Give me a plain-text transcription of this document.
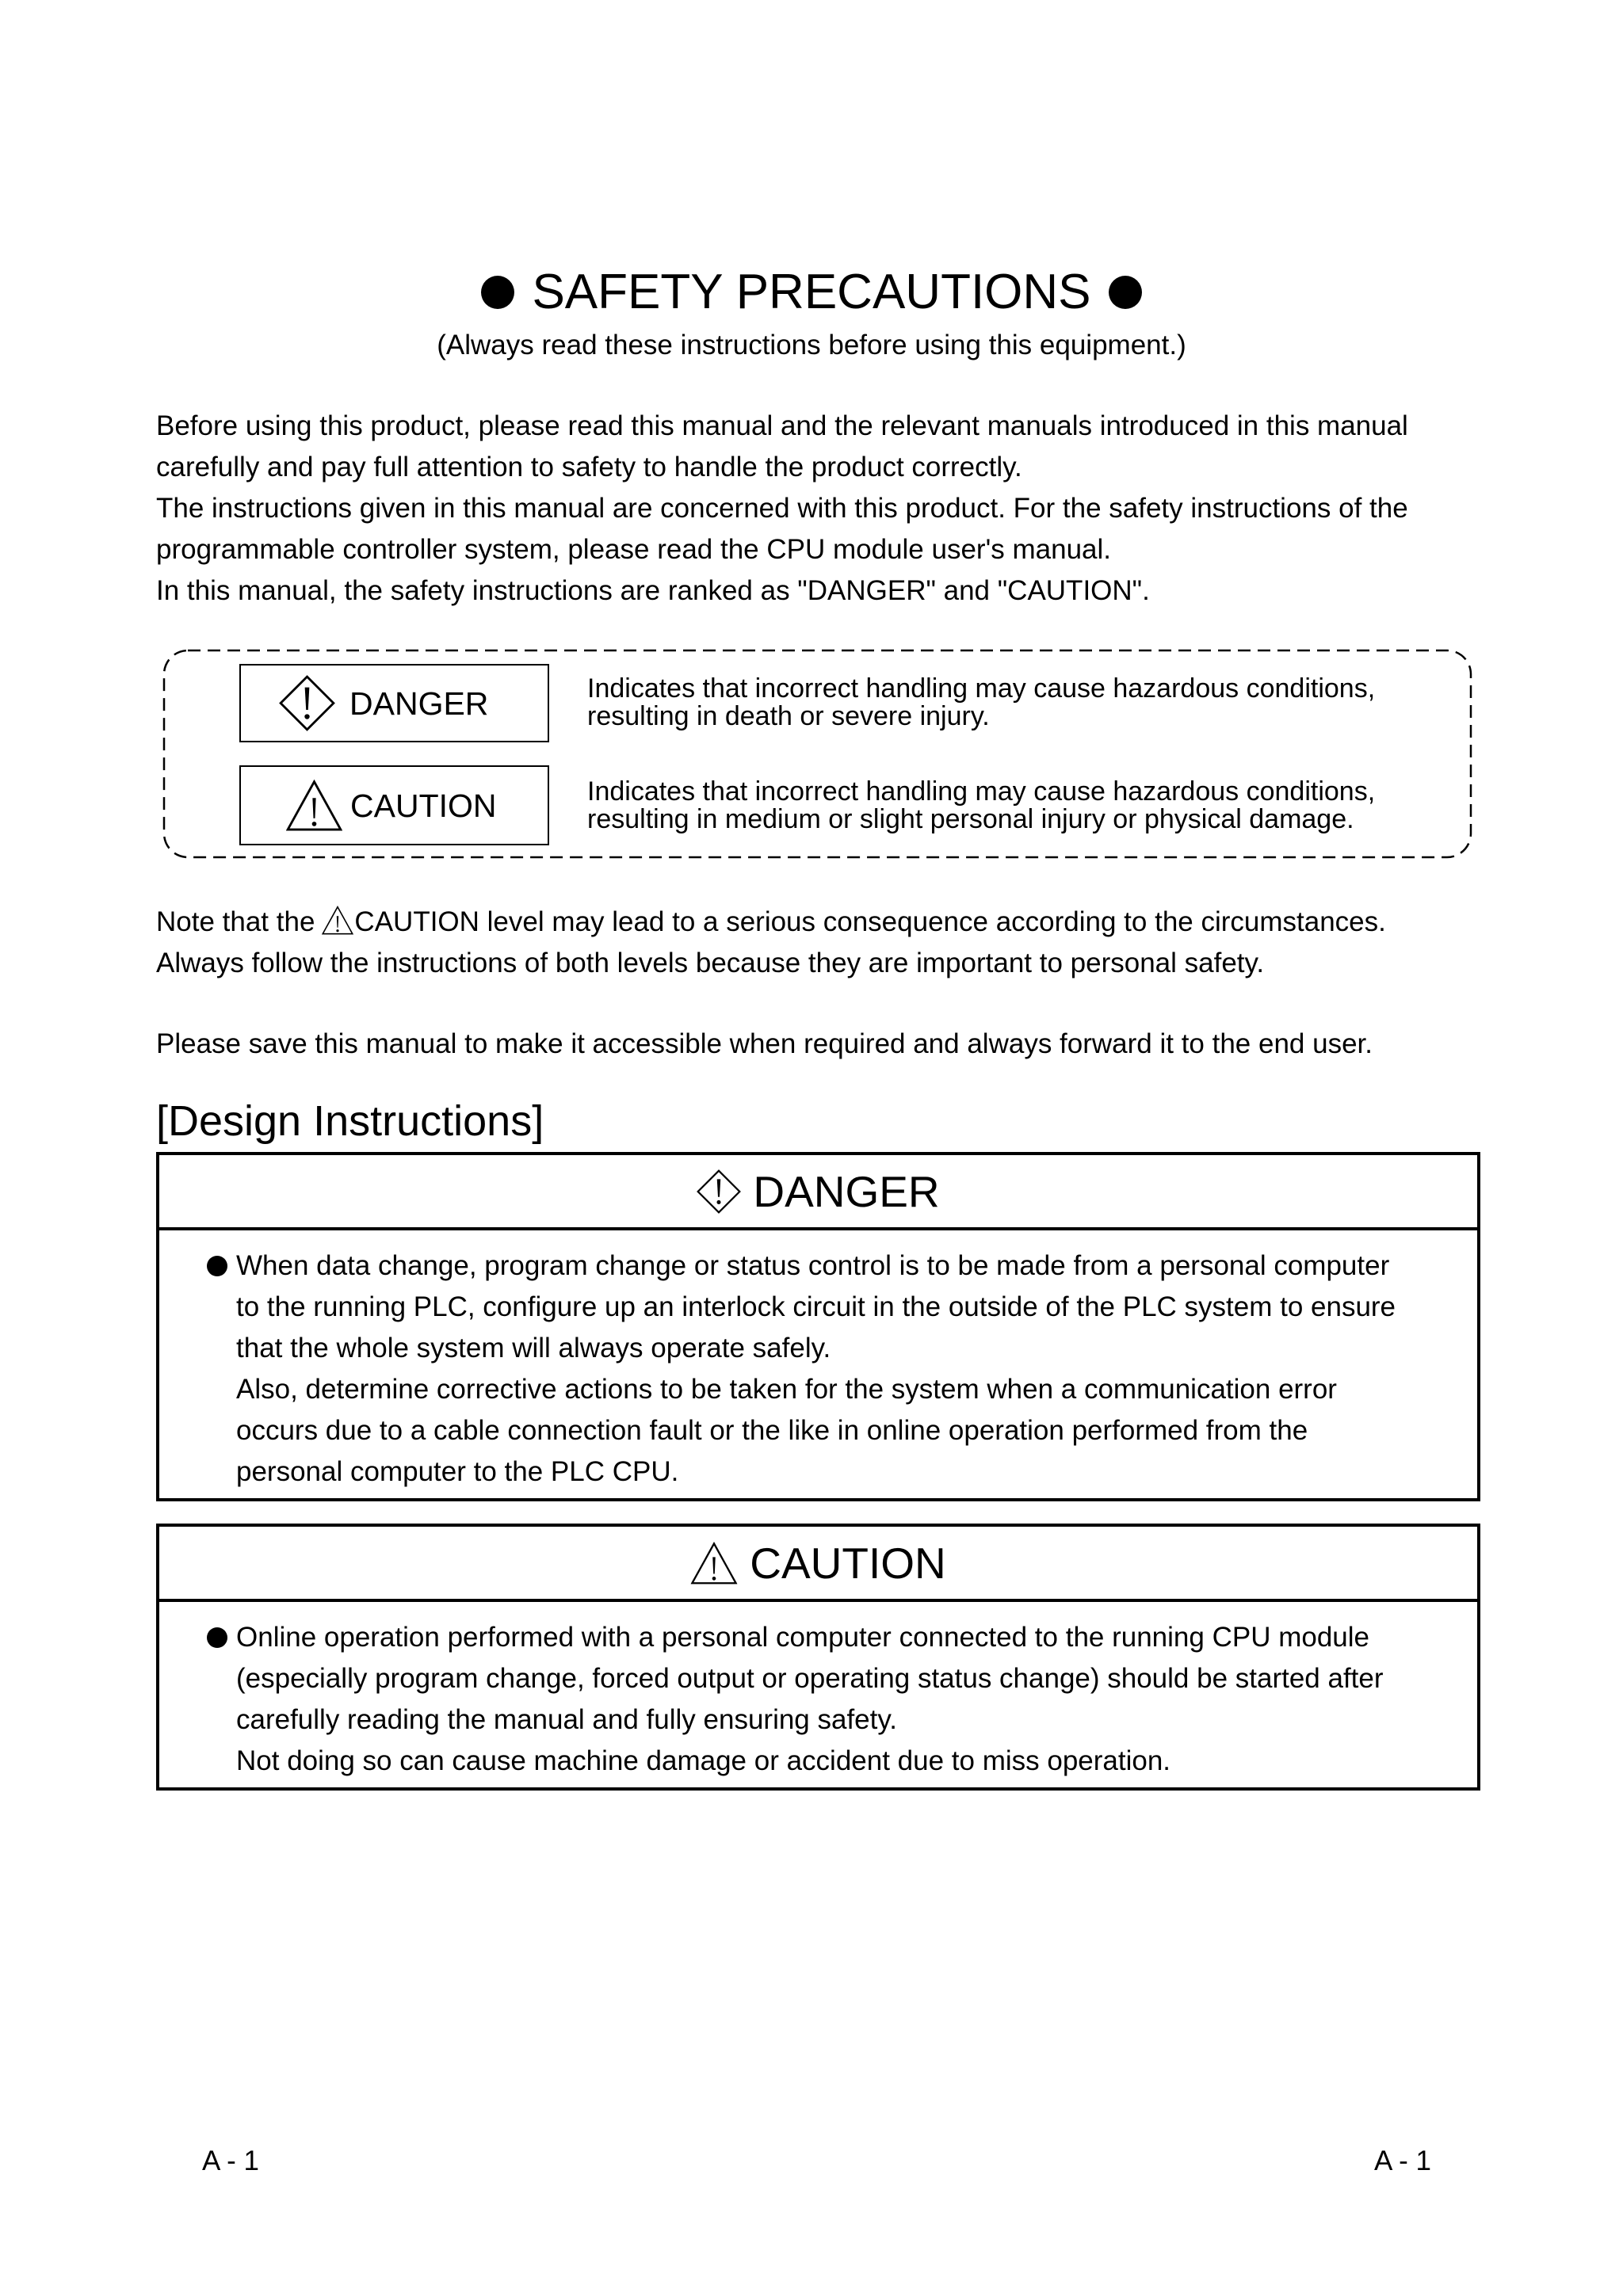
SAFETY PRECAUTIONS
(Always read these instructions before using this equipment.)
Before using this product, please read this manual and the relevant manuals introduced in this manual
carefully and pay full attention to safety to handle the product correctly.
The instructions given in this manual are concerned with this product. For the safety instructions of the
programmable controller system, please read the CPU module user's manual.
In this manual, the safety instructions are ranked as "DANGER" and "CAUTION".
DANGER	Indicates that incorrect handling may cause hazardous conditions,
resulting in death or severe injury.
CAUTION	Indicates that incorrect handling may cause hazardous conditions,
resulting in medium or slight personal injury or physical damage.
Note that the CAUTION level may lead to a serious consequence according to the circumstances.
Always follow the instructions of both levels because they are important to personal safety.
Please save this manual to make it accessible when required and always forward it to the end user.
[Design Instructions]
DANGER
When data change, program change or status control is to be made from a personal computer
to the running PLC, configure up an interlock circuit in the outside of the PLC system to ensure
that the whole system will always operate safely.
Also, determine corrective actions to be taken for the system when a communication error
occurs due to a cable connection fault or the like in online operation performed from the
personal computer to the PLC CPU.
CAUTION
Online operation performed with a personal computer connected to the running CPU module
(especially program change, forced output or operating status change) should be started after
carefully reading the manual and fully ensuring safety.
Not doing so can cause machine damage or accident due to miss operation.
A - 1	A - 1
